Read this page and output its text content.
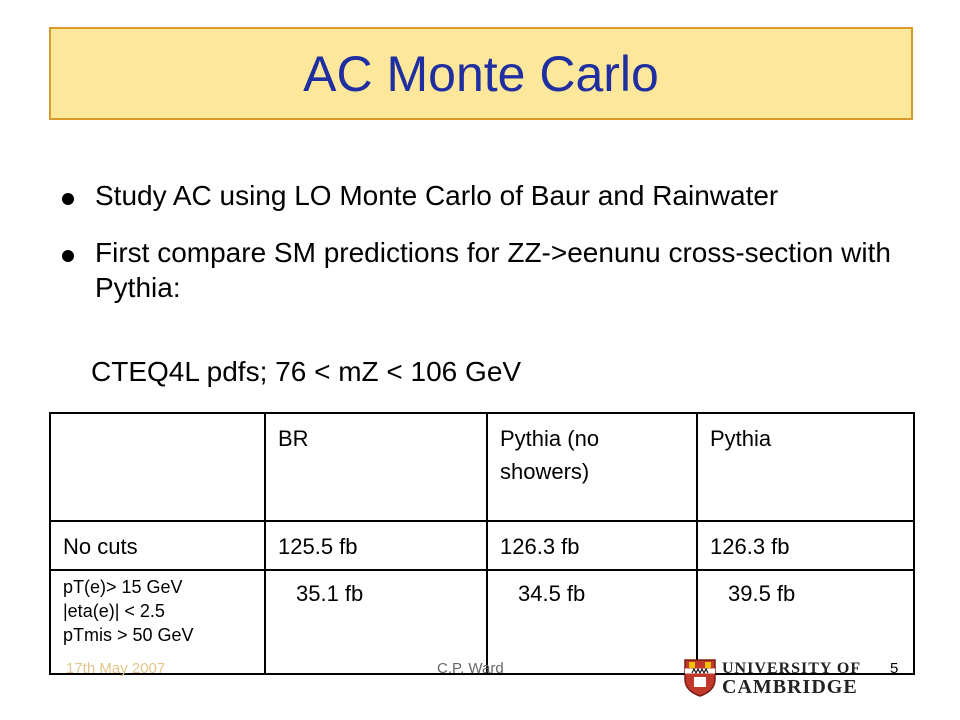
AC Monte Carlo
Study AC using LO Monte Carlo of Baur and Rainwater
First compare SM predictions for ZZ->eenunu cross-section with Pythia:
CTEQ4L pdfs; 76 < mZ < 106 GeV
	BR	Pythia (no showers)	Pythia
No cuts	125.5 fb	126.3 fb	126.3 fb

pT(e)> 15 GeV
|eta(e)| < 2.5
pTmis > 50 GeV	35.1 fb	34.5 fb	39.5 fb
17th May 2007	C.P. Ward	5
UNIVERSITY OF
CAMBRIDGE
